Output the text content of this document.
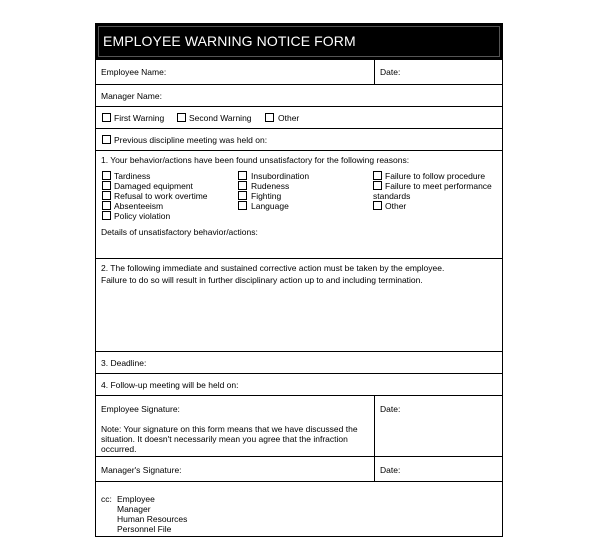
EMPLOYEE WARNING NOTICE FORM
Employee Name:	Date:
Manager Name:
First Warning	Second Warning	Other
Previous discipline meeting was held on:
1. Your behavior/actions have been found unsatisfactory for the following reasons:
Tardiness
Damaged equipment
Refusal to work overtime
Absenteeism
Policy violation
Insubordination
Rudeness
Fighting
Language
Failure to follow procedure
Failure to meet performance
standards
Other
Details of unsatisfactory behavior/actions:
2. The following immediate and sustained corrective action must be taken by the employee.
Failure to do so will result in further disciplinary action up to and including termination.
3. Deadline:
4. Follow-up meeting will be held on:
Employee Signature:
Note: Your signature on this form means that we have discussed the situation. It doesn't necessarily mean you agree that the infraction occurred.
Date:
Manager's Signature:	Date:
cc: Employee
Manager
Human Resources
Personnel File
